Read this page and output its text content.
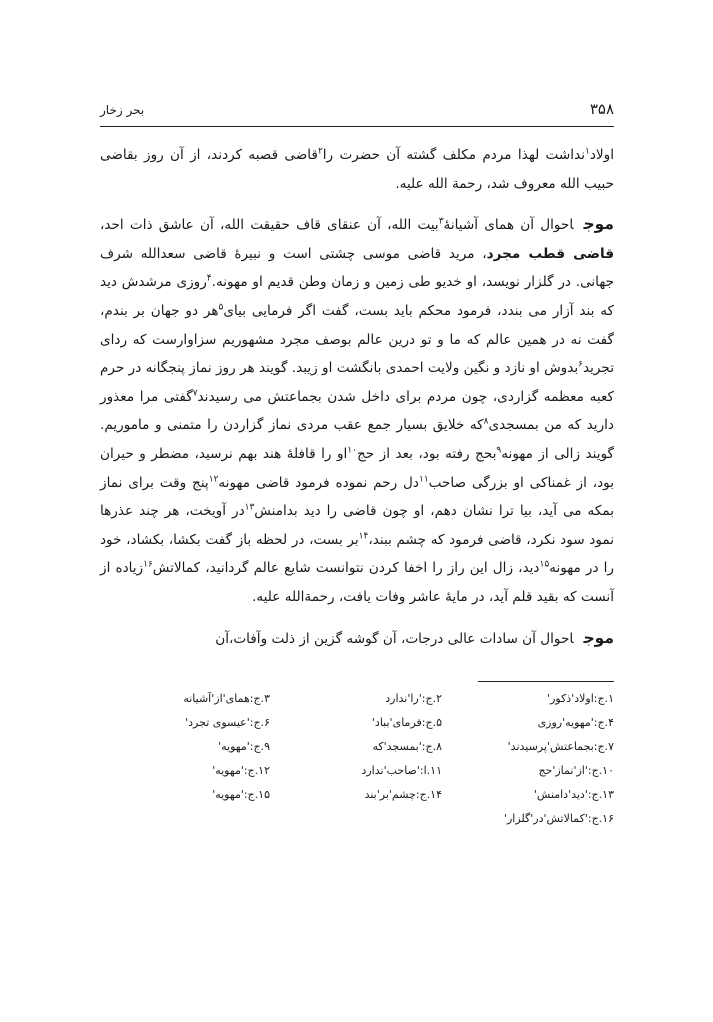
۳۵۸
بحر زخار

اولاد$^۱$نداشت لهذا مردم مکلف گشته آن حضرت را$^۲$قاضی قصبه کردند، از آن روز بقاضی حبیب الله معروف شد، رحمة الله علیه.

موجاحوال آن همای آشیانهٔ$^۳$بیت الله، آن عنقای قاف حقیقت الله، آن عاشق ذات احد، قاضی قطب مجرد، مرید قاضی موسی چشتی است و نبیرهٔ قاضی سعدالله شرف جهانی. در گلزار نویسد، او خدیو طی زمین و زمان وطن قدیم او مهونه.$^۴$روزی مرشدش دید که بند آزار می بندد، فرمود محکم باید بست، گفت اگر فرمایی بیای$^۵$هر دو جهان بر بندم، گفت نه در همین عالم که ما و تو درین عالم بوصف مجرد مشهوریم سزاوارست که ردای تجرید$^۶$بدوش او نازد و نگین ولایت احمدی بانگشت او زیبد. گویند هر روز نماز پنجگانه در حرم کعبه معظمه گزاردی، چون مردم برای داخل شدن بجماعتش می رسیدند$^۷$گفتی مرا معذور دارید که من بمسجدی$^۸$که خلایق بسیار جمع عقب مردی نماز گزاردن را متمنی و ماموریم. گویند زالی از مهونه$^۹$بحج رفته بود، بعد از حج$^{۱۰}$او را قافلهٔ هند بهم نرسید، مضطر و حیران بود، از غمناکی او بزرگی صاحب$^{۱۱}$دل رحم نموده فرمود قاضی مهونه$^{۱۲}$پنج وقت برای نماز بمکه می آید، بیا ترا نشان دهم، او چون قاضی را دید بدامنش$^{۱۳}$در آویخت، هر چند عذرها نمود سود نکرد، قاضی فرمود که چشم ببند،$^{۱۴}$بر بست، در لحظه باز گفت بکشا، بکشاد، خود را در مهونه$^{۱۵}$دید، زال این راز را اخفا کردن نتوانست شایع عالم گردانید، کمالاتش$^{۱۶}$زیاده از آنست که بقید قلم آید، در مایهٔ عاشر وفات یافت، رحمةالله علیه.

موجاحوال آن سادات عالی درجات، آن گوشه گزین از ذلت وآفات،آن

۱.ج:اولاد'ذکور'
۲.ج:'را'ندارد
۳.ج:همای'از'آشیانه
۴.ج:'مهویه'روزی
۵.ج:فرمای'بباد'
۶.ج:'عیسوی تجرد'
۷.ج:بجماعتش'پرسیدند'
۸.ج:'بمسجد'که
۹.ج:'مهویه'
۱۰.ج:'از'نماز'حج
۱۱.ا:'صاحب'ندارد
۱۲.ج:'مهویه'
۱۳.ج:'دید'دامنش'
۱۴.ج:چشم'بر'بند
۱۵.ج:'مهویه'
۱۶.ج:'کمالاتش'در'گلزار'
